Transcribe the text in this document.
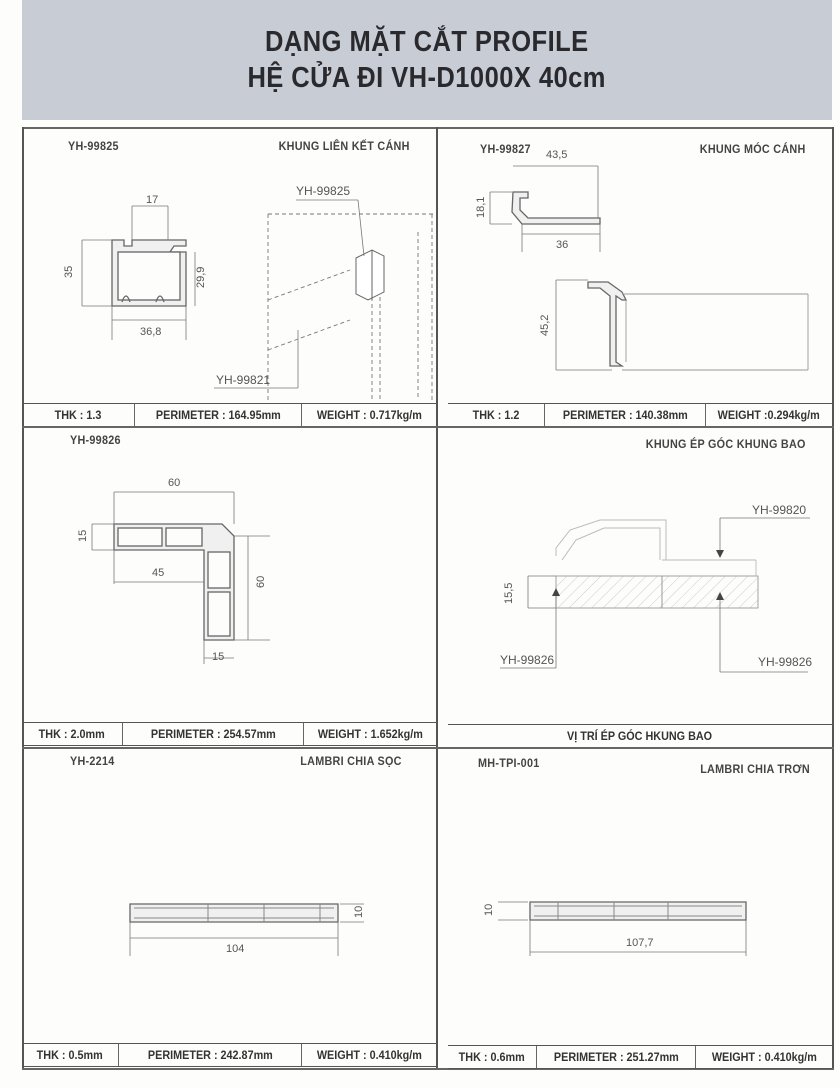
DẠNG MẶT CẮT PROFILE
HỆ CỬA ĐI VH-D1000X 40cm
YH-99825	KHUNG LIÊN KẾT CÁNH
17
35	29,9
36,8
YH-99825
YH-99821
THK : 1.3	PERIMETER : 164.95mm	WEIGHT : 0.717kg/m
YH-99827	KHUNG MÓC CÁNH
43,5
18,1
36
45,2
THK : 1.2	PERIMETER : 140.38mm	WEIGHT :0.294kg/m
YH-99826
60
15
45
60
15
THK : 2.0mm	PERIMETER : 254.57mm	WEIGHT : 1.652kg/m
KHUNG ÉP GÓC KHUNG BAO
15,5
YH-99820
YH-99826	YH-99826
VỊ TRÍ ÉP GÓC HKUNG BAO
YH-2214	LAMBRI CHIA SỌC
10
104
THK : 0.5mm	PERIMETER : 242.87mm	WEIGHT : 0.410kg/m
MH-TPI-001	LAMBRI CHIA TRƠN
10
107,7
THK : 0.6mm PERIMETER : 251.27mm	WEIGHT : 0.410kg/m
